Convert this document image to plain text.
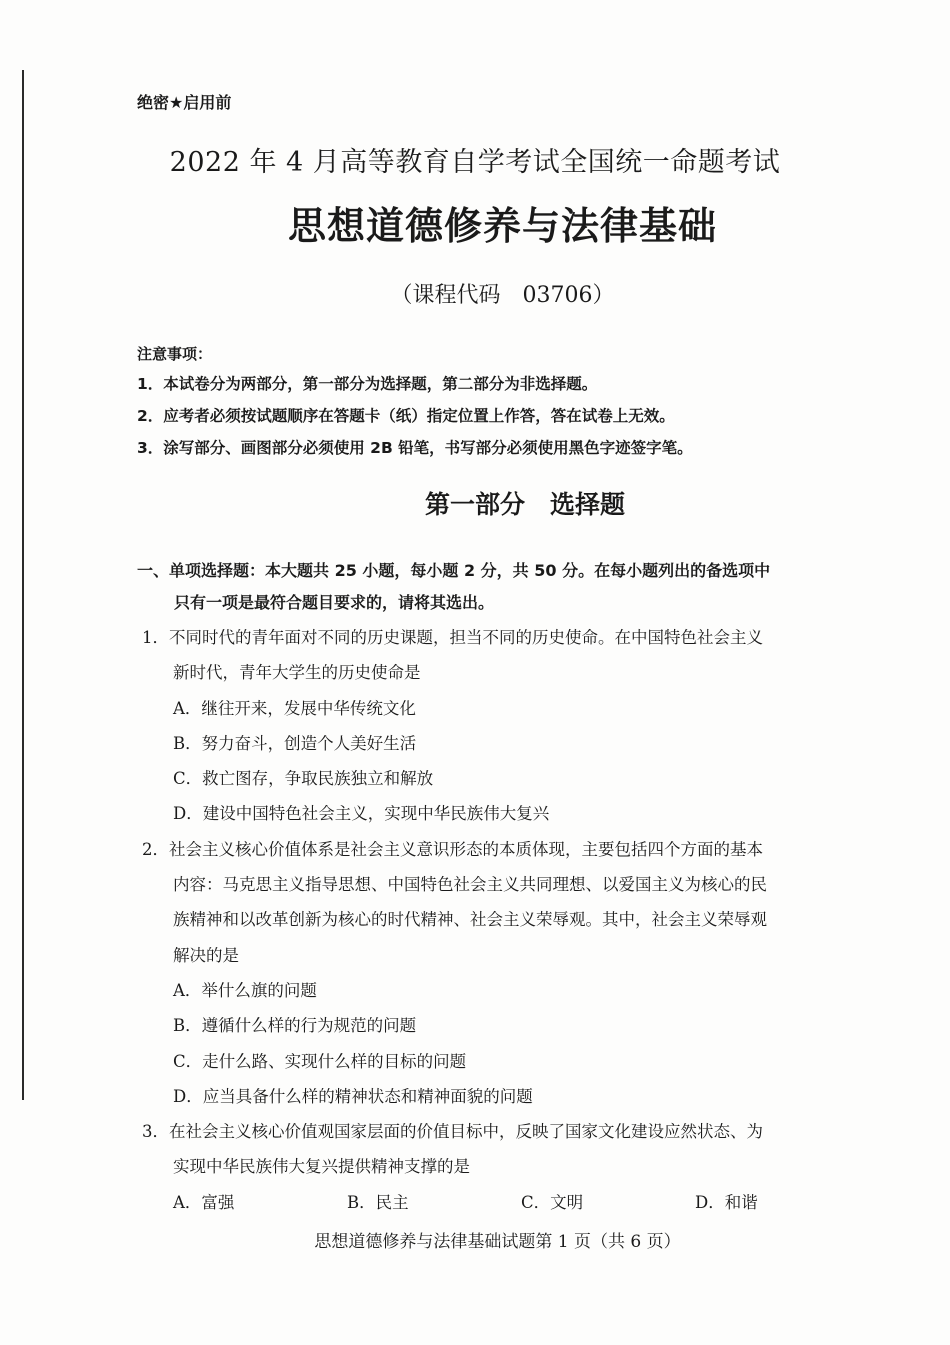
绝密★启用前
2022 年 4 月高等教育自学考试全国统一命题考试
思想道德修养与法律基础
（课程代码　03706）
注意事项：
1．本试卷分为两部分，第一部分为选择题，第二部分为非选择题。
2．应考者必须按试题顺序在答题卡（纸）指定位置上作答，答在试卷上无效。
3．涂写部分、画图部分必须使用 2B 铅笔，书写部分必须使用黑色字迹签字笔。
第一部分　选择题
一、单项选择题：本大题共 25 小题，每小题 2 分，共 50 分。在每小题列出的备选项中
只有一项是最符合题目要求的，请将其选出。
1．不同时代的青年面对不同的历史课题，担当不同的历史使命。在中国特色社会主义
新时代，青年大学生的历史使命是
A．继往开来，发展中华传统文化
B．努力奋斗，创造个人美好生活
C．救亡图存，争取民族独立和解放
D．建设中国特色社会主义，实现中华民族伟大复兴
2．社会主义核心价值体系是社会主义意识形态的本质体现，主要包括四个方面的基本
内容：马克思主义指导思想、中国特色社会主义共同理想、以爱国主义为核心的民
族精神和以改革创新为核心的时代精神、社会主义荣辱观。其中，社会主义荣辱观
解决的是
A．举什么旗的问题
B．遵循什么样的行为规范的问题
C．走什么路、实现什么样的目标的问题
D．应当具备什么样的精神状态和精神面貌的问题
3．在社会主义核心价值观国家层面的价值目标中，反映了国家文化建设应然状态、为
实现中华民族伟大复兴提供精神支撑的是
A．富强	B．民主	C．文明	D．和谐
思想道德修养与法律基础试题第 1 页（共 6 页）
